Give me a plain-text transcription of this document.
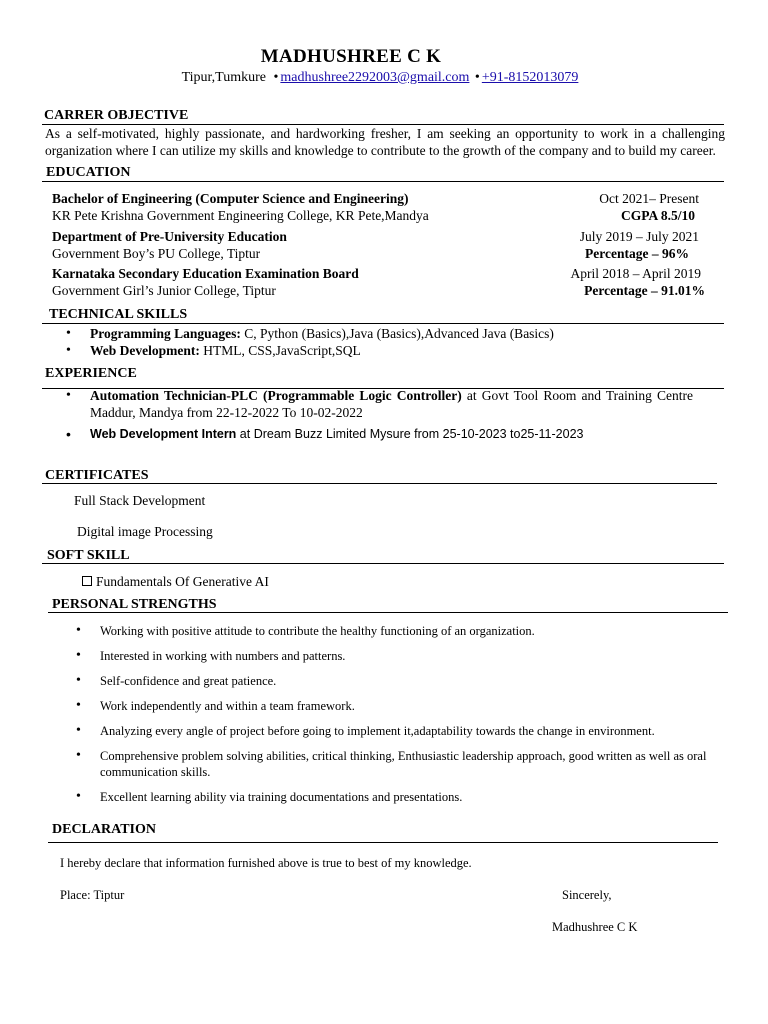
MADHUSHREE C K
Tipur,Tumkure • madhushree2292003@gmail.com • +91-8152013079
CARRER OBJECTIVE
As a self-motivated, highly passionate, and hardworking fresher, I am seeking an opportunity to work in a challenging organization where I can utilize my skills and knowledge to contribute to the growth of the company and to build my career.
EDUCATION
Bachelor of Engineering (Computer Science and Engineering)	Oct 2021– Present
KR Pete Krishna Government Engineering College, KR Pete,Mandya	CGPA 8.5/10
Department of Pre-University Education	July 2019 – July 2021
Government Boy’s PU College, Tiptur	Percentage – 96%
Karnataka Secondary Education Examination Board	April 2018 – April 2019
Government Girl’s Junior College, Tiptur	Percentage – 91.01%
TECHNICAL SKILLS
• Programming Languages: C, Python (Basics),Java (Basics),Advanced Java (Basics)
• Web Development: HTML, CSS,JavaScript,SQL
EXPERIENCE
• Automation Technician-PLC (Programmable Logic Controller) at Govt Tool Room and Training Centre Maddur, Mandya from 22-12-2022 To 10-02-2022
• Web Development Intern at Dream Buzz Limited Mysure from 25-10-2023 to25-11-2023
CERTIFICATES
Full Stack Development
Digital image Processing
SOFT SKILL
Fundamentals Of Generative AI
PERSONAL STRENGTHS
• Working with positive attitude to contribute the healthy functioning of an organization.
• Interested in working with numbers and patterns.
• Self-confidence and great patience.
• Work independently and within a team framework.
• Analyzing every angle of project before going to implement it,adaptability towards the change in environment.
• Comprehensive problem solving abilities, critical thinking, Enthusiastic leadership approach, good written as well as oral communication skills.
• Excellent learning ability via training documentations and presentations.
DECLARATION
I hereby declare that information furnished above is true to best of my knowledge.
Place: Tiptur	Sincerely,
Madhushree C K
